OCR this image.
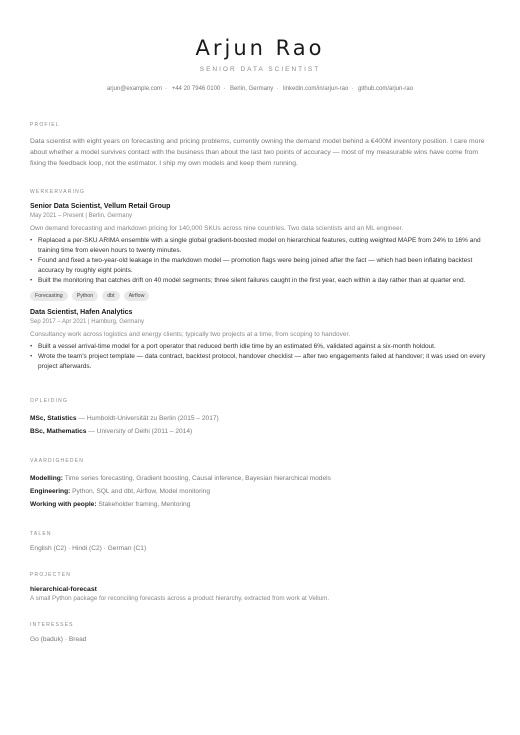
Arjun Rao
SENIOR DATA SCIENTIST
arjun@example.com · +44 20 7946 0100 · Berlin, Germany · linkedin.com/in/arjun-rao · github.com/arjun-rao
PROFIEL
Data scientist with eight years on forecasting and pricing problems, currently owning the demand model behind a €400M inventory position. I care more about whether a model survives contact with the business than about the last two points of accuracy — most of my measurable wins have come from fixing the feedback loop, not the estimator. I ship my own models and keep them running.
WERKERVARING
Senior Data Scientist, Vellum Retail Group
May 2021 – Present | Berlin, Germany
Own demand forecasting and markdown pricing for 140,000 SKUs across nine countries. Two data scientists and an ML engineer.
• Replaced a per-SKU ARIMA ensemble with a single global gradient-boosted model on hierarchical features, cutting weighted MAPE from 24% to 16% and training time from eleven hours to twenty minutes.
• Found and fixed a two-year-old leakage in the markdown model — promotion flags were being joined after the fact — which had been inflating backtest accuracy by roughly eight points.
• Built the monitoring that catches drift on 40 model segments; three silent failures caught in the first year, each within a day rather than at quarter end.
Forecasting	Python	dbt	Airflow
Data Scientist, Hafen Analytics
Sep 2017 – Apr 2021 | Hamburg, Germany
Consultancy work across logistics and energy clients; typically two projects at a time, from scoping to handover.
• Built a vessel arrival-time model for a port operator that reduced berth idle time by an estimated 6%, validated against a six-month holdout.
• Wrote the team's project template — data contract, backtest protocol, handover checklist — after two engagements failed at handover; it was used on every project afterwards.
OPLEIDING
MSc, Statistics — Humboldt-Universität zu Berlin (2015 – 2017)
BSc, Mathematics — University of Delhi (2011 – 2014)
VAARDIGHEDEN
Modelling: Time series forecasting, Gradient boosting, Causal inference, Bayesian hierarchical models
Engineering: Python, SQL and dbt, Airflow, Model monitoring
Working with people: Stakeholder framing, Mentoring
TALEN
English (C2) · Hindi (C2) · German (C1)
PROJECTEN
hierarchical-forecast
A small Python package for reconciling forecasts across a product hierarchy, extracted from work at Vellum.
INTERESSES
Go (baduk) · Bread
